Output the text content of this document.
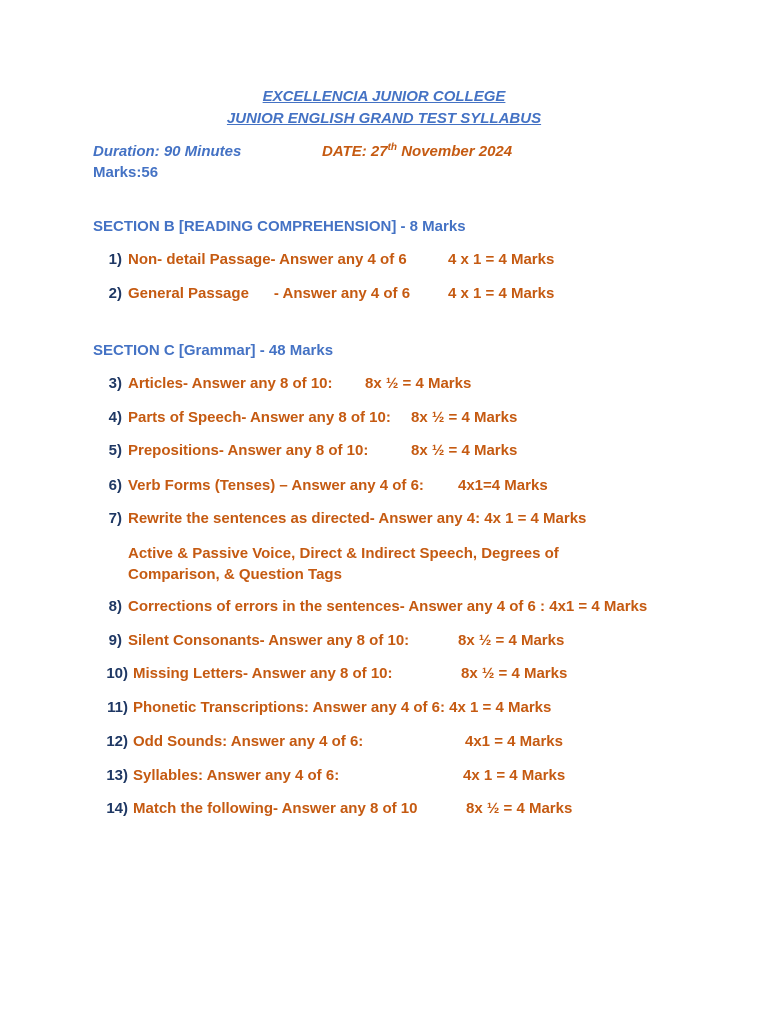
EXCELLENCIA JUNIOR COLLEGE
JUNIOR ENGLISH GRAND TEST SYLLABUS
Duration: 90 Minutes	DATE: 27th November 2024
Marks:56
SECTION B [READING COMPREHENSION] - 8 Marks
1) Non- detail Passage- Answer any 4 of 6	4 x 1 = 4 Marks
2) General Passage      - Answer any 4 of 6	4 x 1 = 4 Marks
SECTION C [Grammar] - 48 Marks
3) Articles- Answer any 8 of 10: 8x ½ = 4 Marks
4) Parts of Speech- Answer any 8 of 10: 8x ½ = 4 Marks
5) Prepositions- Answer any 8 of 10:	8x ½ = 4 Marks
6) Verb Forms (Tenses) – Answer any 4 of 6: 4x1=4 Marks
7) Rewrite the sentences as directed- Answer any 4: 4x 1 = 4 Marks
Active & Passive Voice, Direct & Indirect Speech, Degrees of Comparison, & Question Tags
8) Corrections of errors in the sentences- Answer any 4 of 6 : 4x1 = 4 Marks
9) Silent Consonants- Answer any 8 of 10:	8x ½ = 4 Marks
10) Missing Letters- Answer any 8 of 10:	8x ½ = 4 Marks
11) Phonetic Transcriptions: Answer any 4 of 6: 4x 1 = 4 Marks
12) Odd Sounds: Answer any 4 of 6:	4x1 = 4 Marks
13) Syllables: Answer any 4 of 6:	4x 1 = 4 Marks
14) Match the following- Answer any 8 of 10	8x ½ = 4 Marks
